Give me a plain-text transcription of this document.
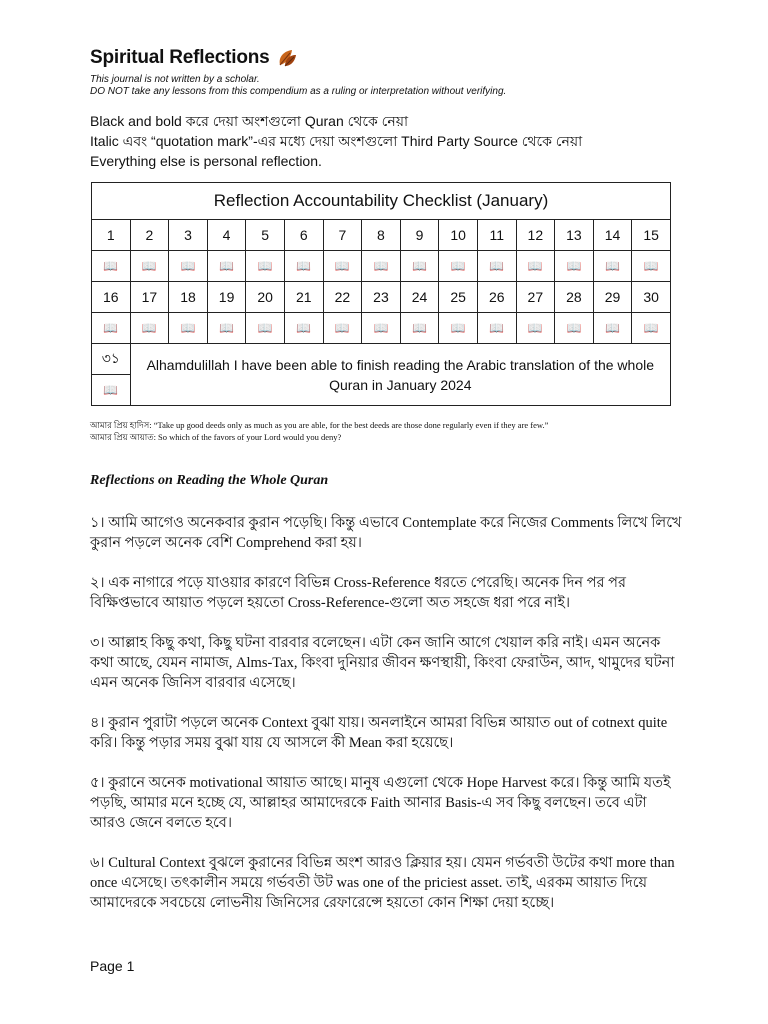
Spiritual Reflections
This journal is not written by a scholar.
DO NOT take any lessons from this compendium as a ruling or interpretation without verifying.
Black and bold করে দেয়া অংশগুলো Quran থেকে নেয়া
Italic এবং “quotation mark”-এর মধ্যে দেয়া অংশগুলো Third Party Source থেকে নেয়া
Everything else is personal reflection.
Reflection Accountability Checklist (January)														
1	2	3	4	5	6	7	8	9	10	11	12	13	14	15
📖	📖	📖	📖	📖	📖	📖	📖	📖	📖	📖	📖	📖	📖	📖
16	17	18	19	20	21	22	23	24	25	26	27	28	29	30
📖	📖	📖	📖	📖	📖	📖	📖	📖	📖	📖	📖	📖	📖	📖
৩১	Alhamdulillah I have been able to finish reading the Arabic translation of the whole Quran in January 2024													
📖														
আমার প্রিয় হাদিস: “Take up good deeds only as much as you are able, for the best deeds are those done regularly even if they are few.”
আমার প্রিয় আয়াত: So which of the favors of your Lord would you deny?
Reflections on Reading the Whole Quran
১। আমি আগেও অনেকবার কুরান পড়েছি। কিন্তু এভাবে Contemplate করে নিজের Comments লিখে লিখে কুরান পড়লে অনেক বেশি Comprehend করা হয়।
২। এক নাগারে পড়ে যাওয়ার কারণে বিভিন্ন Cross-Reference ধরতে পেরেছি। অনেক দিন পর পর বিক্ষিপ্তভাবে আয়াত পড়লে হয়তো Cross-Reference-গুলো অত সহজে ধরা পরে নাই।
৩। আল্লাহ কিছু কথা, কিছু ঘটনা বারবার বলেছেন। এটা কেন জানি আগে খেয়াল করি নাই। এমন অনেক কথা আছে, যেমন নামাজ, Alms-Tax, কিংবা দুনিয়ার জীবন ক্ষণস্থায়ী, কিংবা ফেরাউন, আদ, থামুদের ঘটনা এমন অনেক জিনিস বারবার এসেছে।
৪। কুরান পুরাটা পড়লে অনেক Context বুঝা যায়। অনলাইনে আমরা বিভিন্ন আয়াত out of cotnext quite করি। কিন্তু পড়ার সময় বুঝা যায় যে আসলে কী Mean করা হয়েছে।
৫। কুরানে অনেক motivational আয়াত আছে। মানুষ এগুলো থেকে Hope Harvest করে। কিন্তু আমি যতই পড়ছি, আমার মনে হচ্ছে যে, আল্লাহর আমাদেরকে Faith আনার Basis-এ সব কিছু বলছেন। তবে এটা আরও জেনে বলতে হবে।
৬। Cultural Context বুঝলে কুরানের বিভিন্ন অংশ আরও ক্লিয়ার হয়। যেমন গর্ভবতী উটের কথা more than once এসেছে। তৎকালীন সময়ে গর্ভবতী উট was one of the priciest asset. তাই, এরকম আয়াত দিয়ে আমাদেরকে সবচেয়ে লোভনীয় জিনিসের রেফারেন্সে হয়তো কোন শিক্ষা দেয়া হচ্ছে।
Page 1
